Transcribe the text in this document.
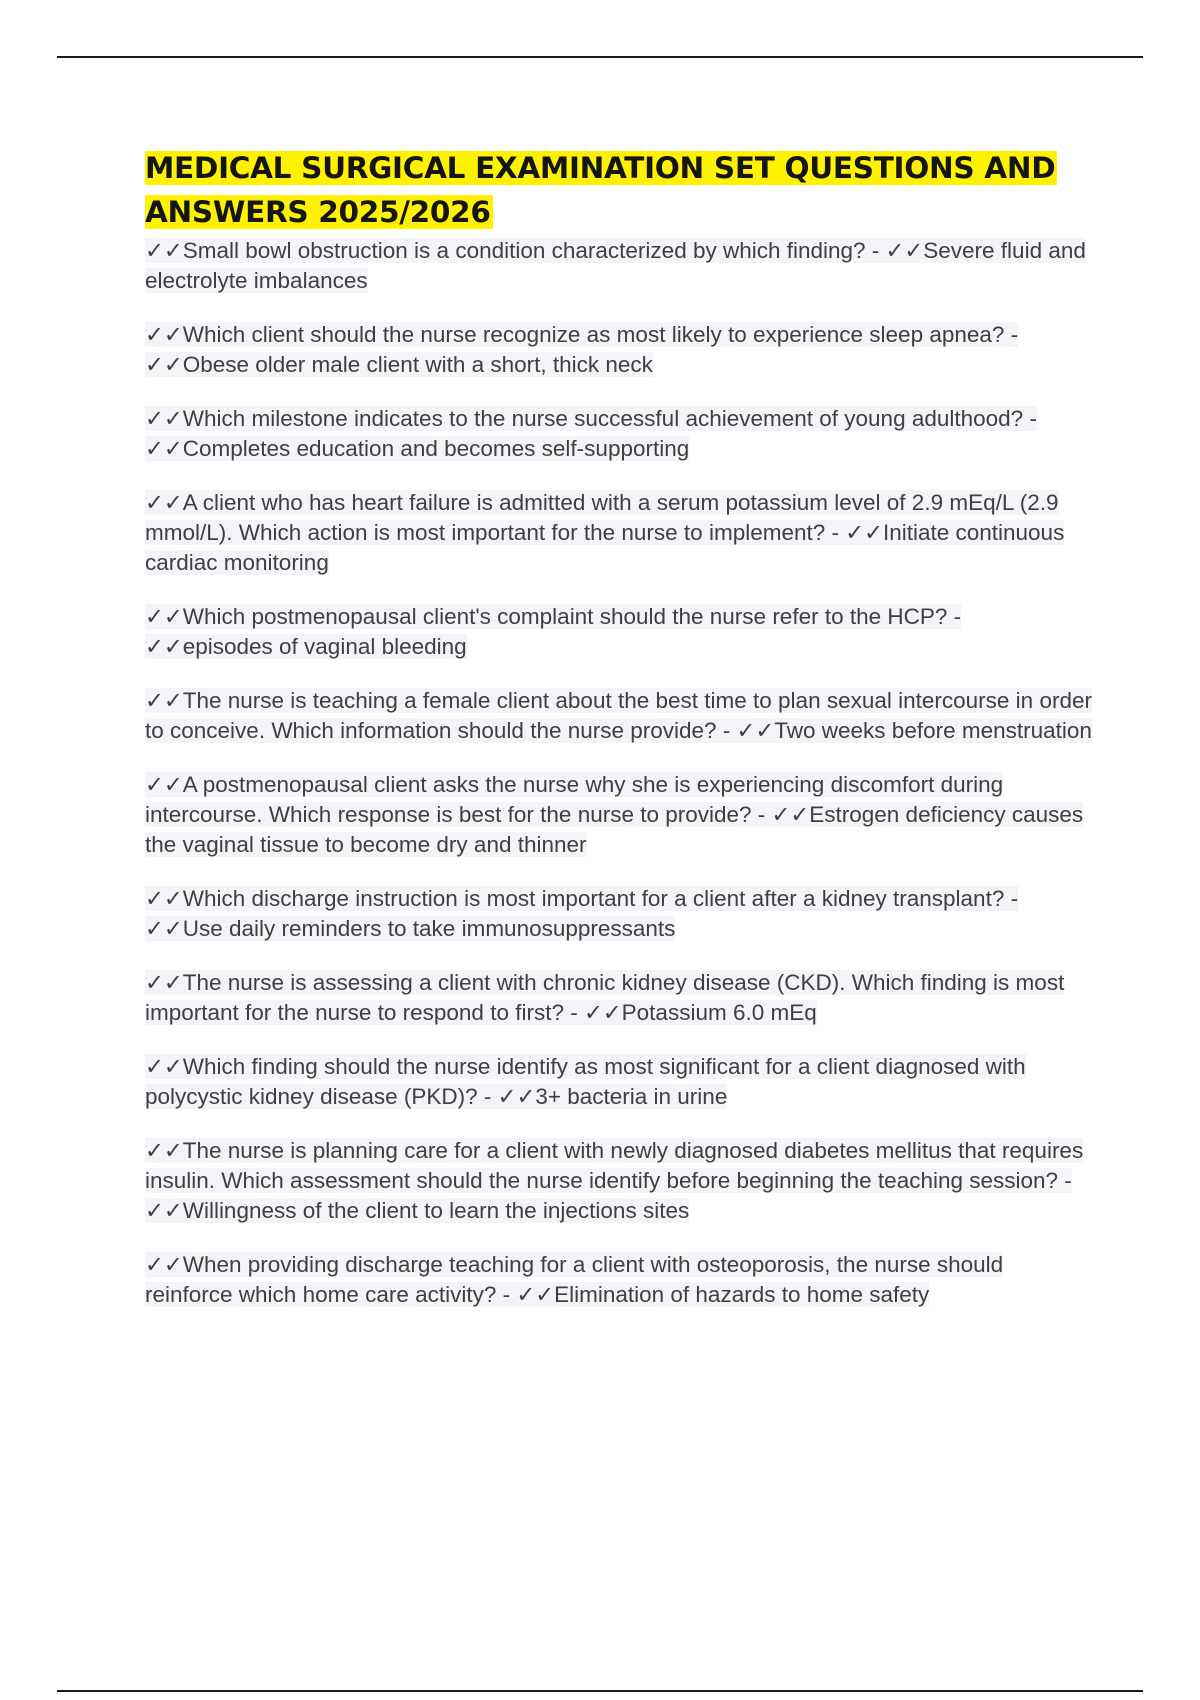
MEDICAL SURGICAL EXAMINATION SET QUESTIONS AND ANSWERS 2025/2026

✓✓Small bowl obstruction is a condition characterized by which finding? - ✓✓Severe fluid and electrolyte imbalances

✓✓Which client should the nurse recognize as most likely to experience sleep apnea? - ✓✓Obese older male client with a short, thick neck

✓✓Which milestone indicates to the nurse successful achievement of young adulthood? - ✓✓Completes education and becomes self-supporting

✓✓A client who has heart failure is admitted with a serum potassium level of 2.9 mEq/L (2.9 mmol/L). Which action is most important for the nurse to implement? - ✓✓Initiate continuous cardiac monitoring

✓✓Which postmenopausal client's complaint should the nurse refer to the HCP? - ✓✓episodes of vaginal bleeding

✓✓The nurse is teaching a female client about the best time to plan sexual intercourse in order to conceive. Which information should the nurse provide? - ✓✓Two weeks before menstruation

✓✓A postmenopausal client asks the nurse why she is experiencing discomfort during intercourse. Which response is best for the nurse to provide? - ✓✓Estrogen deficiency causes the vaginal tissue to become dry and thinner

✓✓Which discharge instruction is most important for a client after a kidney transplant? - ✓✓Use daily reminders to take immunosuppressants

✓✓The nurse is assessing a client with chronic kidney disease (CKD). Which finding is most important for the nurse to respond to first? - ✓✓Potassium 6.0 mEq

✓✓Which finding should the nurse identify as most significant for a client diagnosed with polycystic kidney disease (PKD)? - ✓✓3+ bacteria in urine

✓✓The nurse is planning care for a client with newly diagnosed diabetes mellitus that requires insulin. Which assessment should the nurse identify before beginning the teaching session? - ✓✓Willingness of the client to learn the injections sites

✓✓When providing discharge teaching for a client with osteoporosis, the nurse should reinforce which home care activity? - ✓✓Elimination of hazards to home safety
